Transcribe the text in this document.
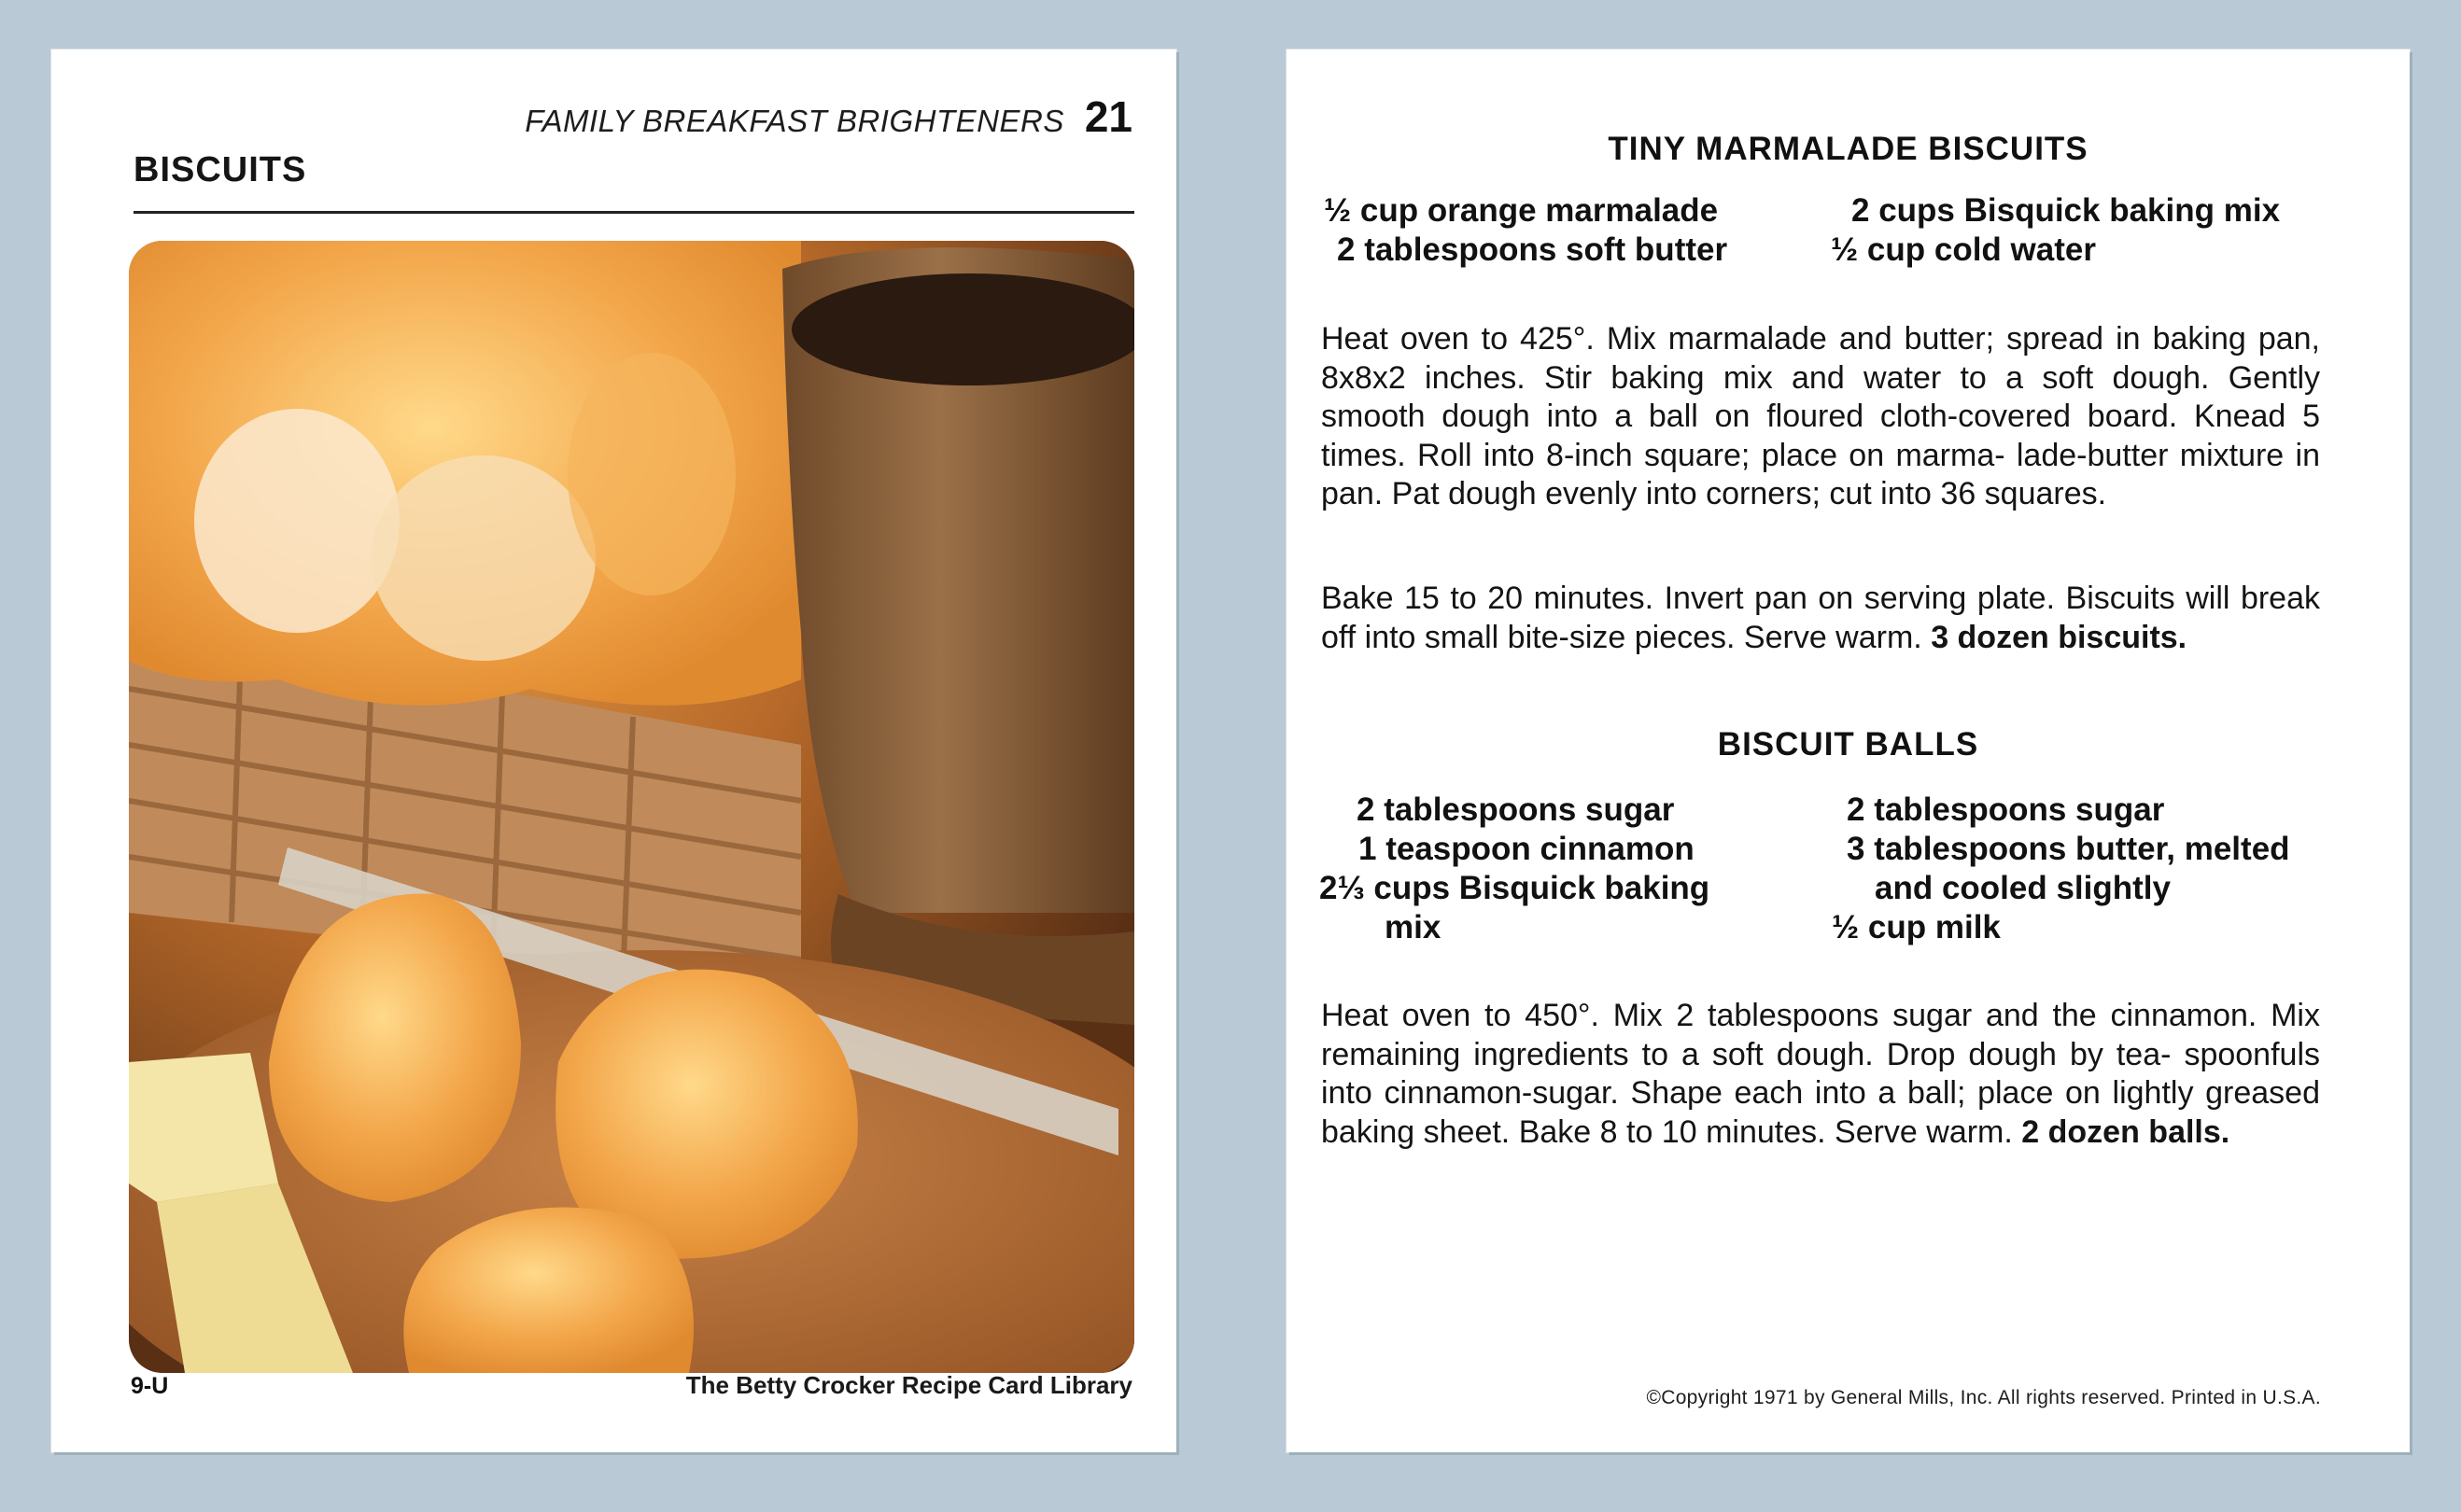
FAMILY BREAKFAST BRIGHTENERS 21
BISCUITS
9-U	The Betty Crocker Recipe Card Library
TINY MARMALADE BISCUITS
½ cup orange marmalade
2 tablespoons soft butter
2 cups Bisquick baking mix
½ cup cold water
Heat oven to 425°. Mix marmalade and butter; spread in baking pan, 8x8x2 inches. Stir baking mix and water to a soft dough. Gently smooth dough into a ball on floured cloth-covered board. Knead 5 times. Roll into 8-inch square; place on marma- lade-butter mixture in pan. Pat dough evenly into corners; cut into 36 squares.
Bake 15 to 20 minutes. Invert pan on serving plate. Biscuits will break off into small bite-size pieces. Serve warm. 3 dozen biscuits.
BISCUIT BALLS
2 tablespoons sugar
1 teaspoon cinnamon
2⅓ cups Bisquick baking
mix
2 tablespoons sugar
3 tablespoons butter, melted
and cooled slightly
½ cup milk
Heat oven to 450°. Mix 2 tablespoons sugar and the cinnamon. Mix remaining ingredients to a soft dough. Drop dough by tea- spoonfuls into cinnamon-sugar. Shape each into a ball; place on lightly greased baking sheet. Bake 8 to 10 minutes. Serve warm. 2 dozen balls.
©Copyright 1971 by General Mills, Inc. All rights reserved. Printed in U.S.A.
